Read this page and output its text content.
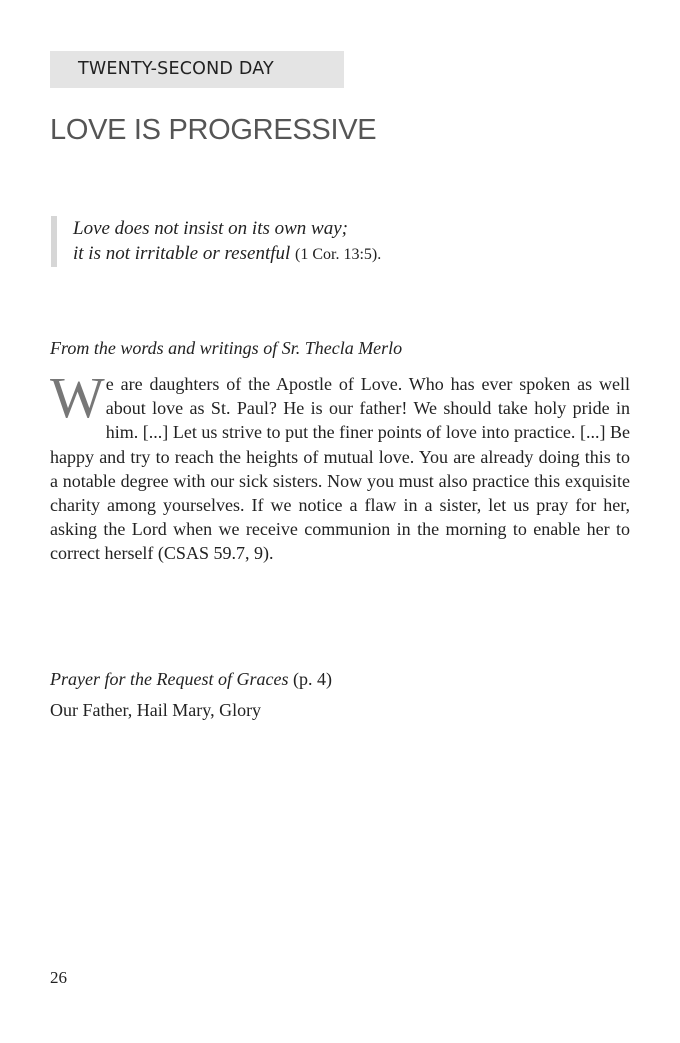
TWENTY-SECOND DAY
LOVE IS PROGRESSIVE
Love does not insist on its own way;
it is not irritable or resentful (1 Cor. 13:5).
From the words and writings of Sr. Thecla Merlo
We are daughters of the Apostle of Love. Who has ever spoken as well about love as St. Paul? He is our father! We should take holy pride in him. [...] Let us strive to put the finer points of love into practice. [...] Be happy and try to reach the heights of mutual love. You are already doing this to a notable degree with our sick sisters. Now you must also practice this exquisite charity among yourselves. If we notice a flaw in a sister, let us pray for her, asking the Lord when we receive communion in the morning to enable her to correct herself (CSAS 59.7, 9).
Prayer for the Request of Graces (p. 4)
Our Father, Hail Mary, Glory
26
